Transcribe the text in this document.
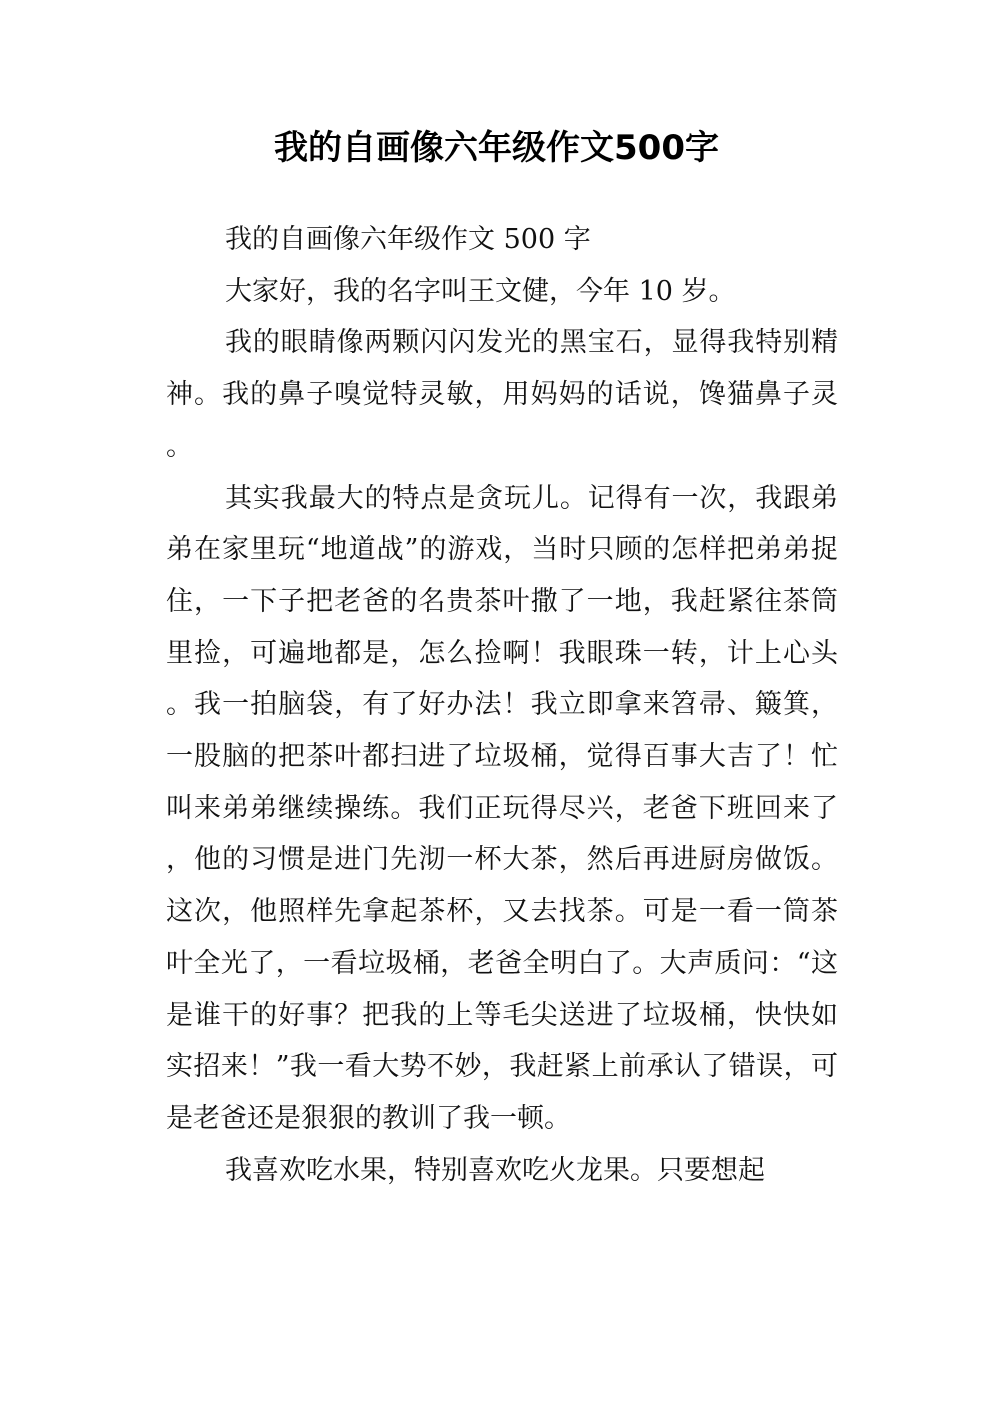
我的自画像六年级作文500字

我的自画像六年级作文 500 字

大家好，我的名字叫王文健，今年 10 岁。

我的眼睛像两颗闪闪发光的黑宝石，显得我特别精神。我的鼻子嗅觉特灵敏，用妈妈的话说，馋猫鼻子灵。

其实我最大的特点是贪玩儿。记得有一次，我跟弟弟在家里玩“地道战”的游戏，当时只顾的怎样把弟弟捉住，一下子把老爸的名贵茶叶撒了一地，我赶紧往茶筒里捡，可遍地都是，怎么捡啊！我眼珠一转，计上心头。我一拍脑袋，有了好办法！我立即拿来笤帚、簸箕，一股脑的把茶叶都扫进了垃圾桶，觉得百事大吉了！忙叫来弟弟继续操练。我们正玩得尽兴，老爸下班回来了，他的习惯是进门先沏一杯大茶，然后再进厨房做饭。这次，他照样先拿起茶杯，又去找茶。可是一看一筒茶叶全光了，一看垃圾桶，老爸全明白了。大声质问：“这是谁干的好事？把我的上等毛尖送进了垃圾桶，快快如实招来！”我一看大势不妙，我赶紧上前承认了错误，可是老爸还是狠狠的教训了我一顿。

我喜欢吃水果，特别喜欢吃火龙果。只要想起
